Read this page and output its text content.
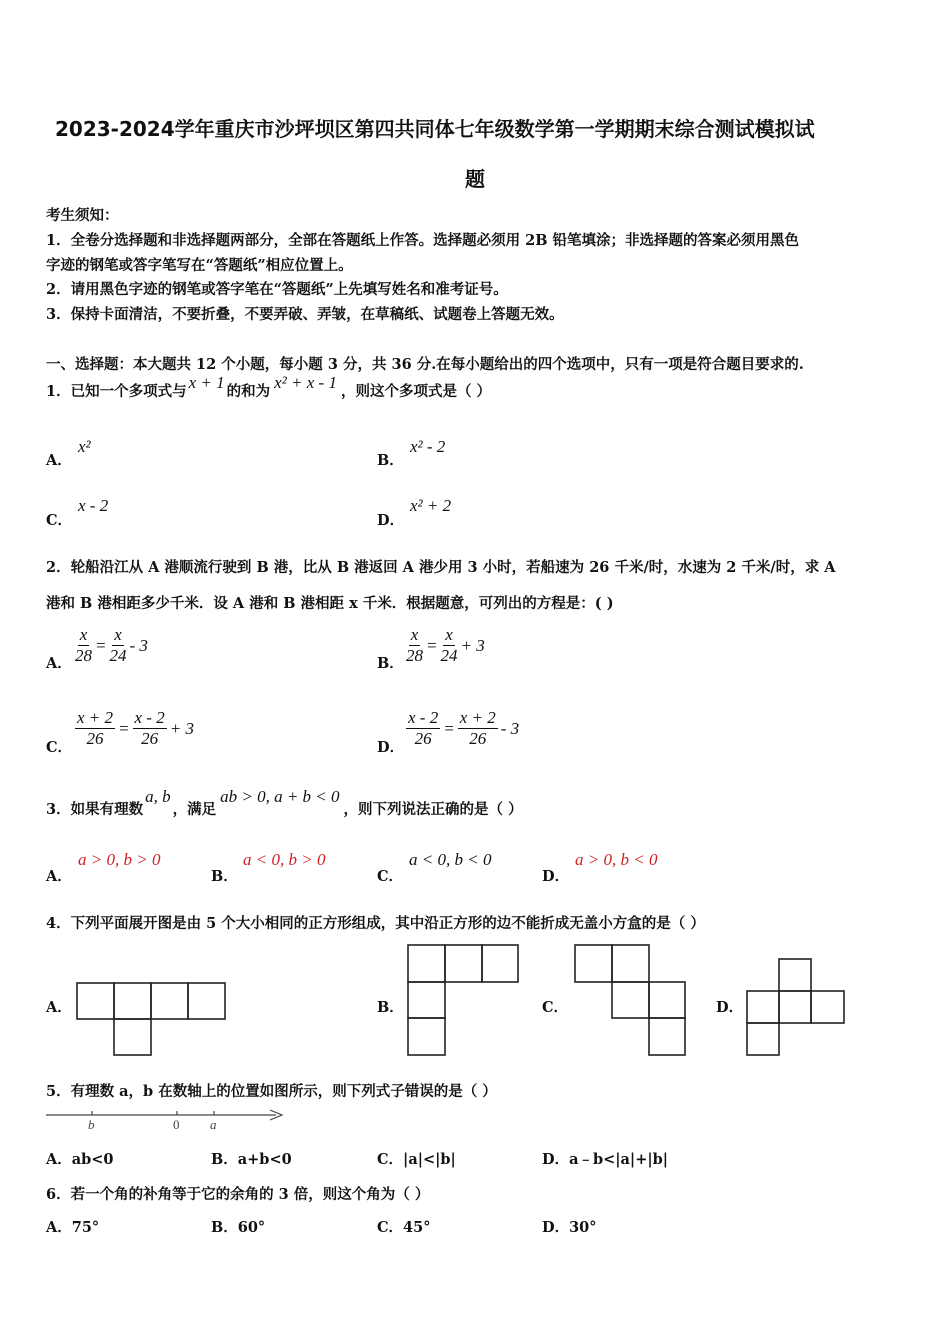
2023-2024学年重庆市沙坪坝区第四共同体七年级数学第一学期期末综合测试模拟试
题
考生须知：
1．全卷分选择题和非选择题两部分，全部在答题纸上作答。选择题必须用 2B 铅笔填涂；非选择题的答案必须用黑色
字迹的钢笔或答字笔写在“答题纸”相应位置上。
2．请用黑色字迹的钢笔或答字笔在“答题纸”上先填写姓名和准考证号。
3．保持卡面清洁，不要折叠，不要弄破、弄皱，在草稿纸、试题卷上答题无效。
一、选择题：本大题共 12 个小题，每小题 3 分，共 36 分.在每小题给出的四个选项中，只有一项是符合题目要求的.
1．已知一个多项式与 x + 1 的和为 x² + x - 1 ，则这个多项式是（ ）
A．
x²
B．
x² - 2
C．
x - 2
D．
x² + 2
2．轮船沿江从 A 港顺流行驶到 B 港，比从 B 港返回 A 港少用 3 小时，若船速为 26 千米/时，水速为 2 千米/时，求 A
港和 B 港相距多少千米．设 A 港和 B 港相距 x 千米．根据题意，可列出的方程是：( )
A． $\frac{x}{28} = \frac{x}{24} - 3$
B． $\frac{x}{28} = \frac{x}{24} + 3$
C． $\frac{x + 2}{26} = \frac{x - 2}{26} + 3$
D． $\frac{x - 2}{26} = \frac{x + 2}{26} - 3$
3．如果有理数
a, b
，满足
ab > 0, a + b < 0
，则下列说法正确的是（ ）
A．
a > 0, b > 0
B．
a < 0, b > 0
C．
a < 0, b < 0
D．
a > 0, b < 0
4．下列平面展开图是由 5 个大小相同的正方形组成，其中沿正方形的边不能折成无盖小方盒的是（ ）
A．	B．	C．	D．
5．有理数 a，b 在数轴上的位置如图所示，则下列式子错误的是（ ）
b	0 a
A．ab<0	B．a+b<0	C．|a|<|b|	D．a﹣b<|a|+|b|
6．若一个角的补角等于它的余角的 3 倍，则这个角为（ ）
A．75°	B．60°	C．45°	D．30°
